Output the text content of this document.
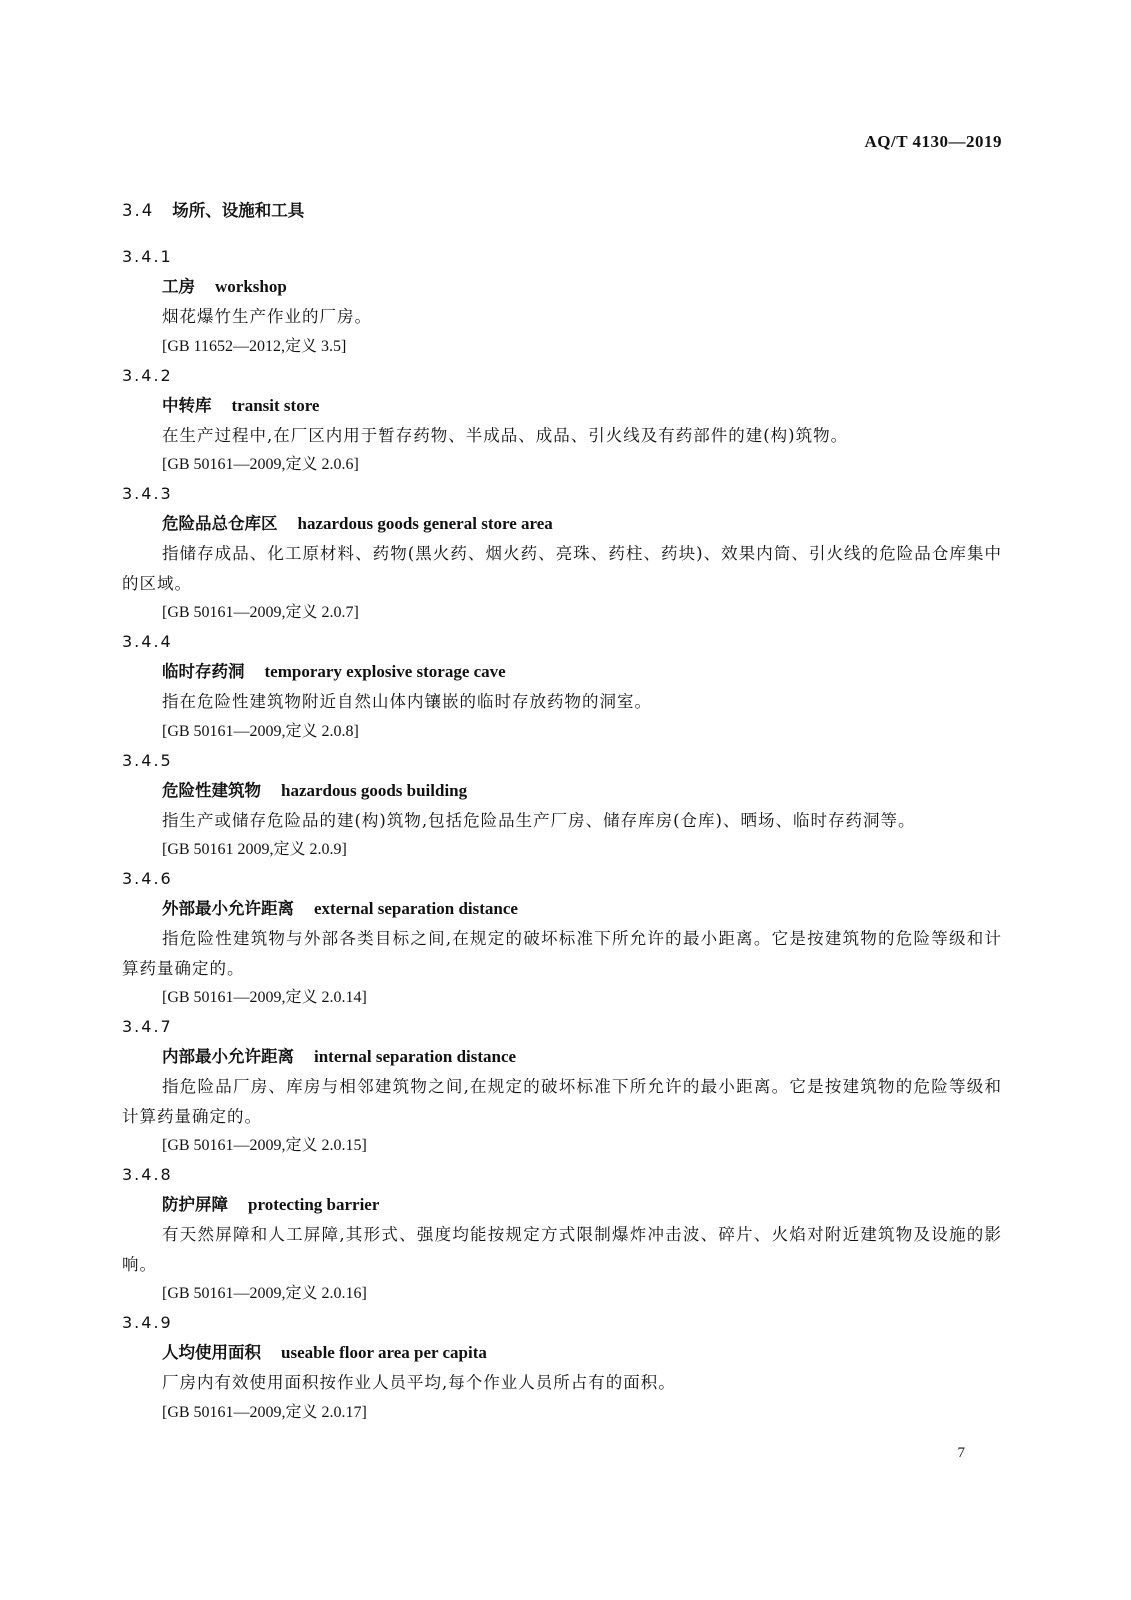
AQ/T 4130—2019
3.4 场所、设施和工具
3.4.1
工房 workshop
烟花爆竹生产作业的厂房。
[GB 11652—2012,定义 3.5]
3.4.2
中转库 transit store
在生产过程中,在厂区内用于暂存药物、半成品、成品、引火线及有药部件的建(构)筑物。
[GB 50161—2009,定义 2.0.6]
3.4.3
危险品总仓库区 hazardous goods general store area
指储存成品、化工原材料、药物(黑火药、烟火药、亮珠、药柱、药块)、效果内筒、引火线的危险品仓库集中的区域。
[GB 50161—2009,定义 2.0.7]
3.4.4
临时存药洞 temporary explosive storage cave
指在危险性建筑物附近自然山体内镶嵌的临时存放药物的洞室。
[GB 50161—2009,定义 2.0.8]
3.4.5
危险性建筑物 hazardous goods building
指生产或储存危险品的建(构)筑物,包括危险品生产厂房、储存库房(仓库)、晒场、临时存药洞等。
[GB 50161 2009,定义 2.0.9]
3.4.6
外部最小允许距离 external separation distance
指危险性建筑物与外部各类目标之间,在规定的破坏标准下所允许的最小距离。它是按建筑物的危险等级和计算药量确定的。
[GB 50161—2009,定义 2.0.14]
3.4.7
内部最小允许距离 internal separation distance
指危险品厂房、库房与相邻建筑物之间,在规定的破坏标准下所允许的最小距离。它是按建筑物的危险等级和计算药量确定的。
[GB 50161—2009,定义 2.0.15]
3.4.8
防护屏障 protecting barrier
有天然屏障和人工屏障,其形式、强度均能按规定方式限制爆炸冲击波、碎片、火焰对附近建筑物及设施的影响。
[GB 50161—2009,定义 2.0.16]
3.4.9
人均使用面积 useable floor area per capita
厂房内有效使用面积按作业人员平均,每个作业人员所占有的面积。
[GB 50161—2009,定义 2.0.17]
7
